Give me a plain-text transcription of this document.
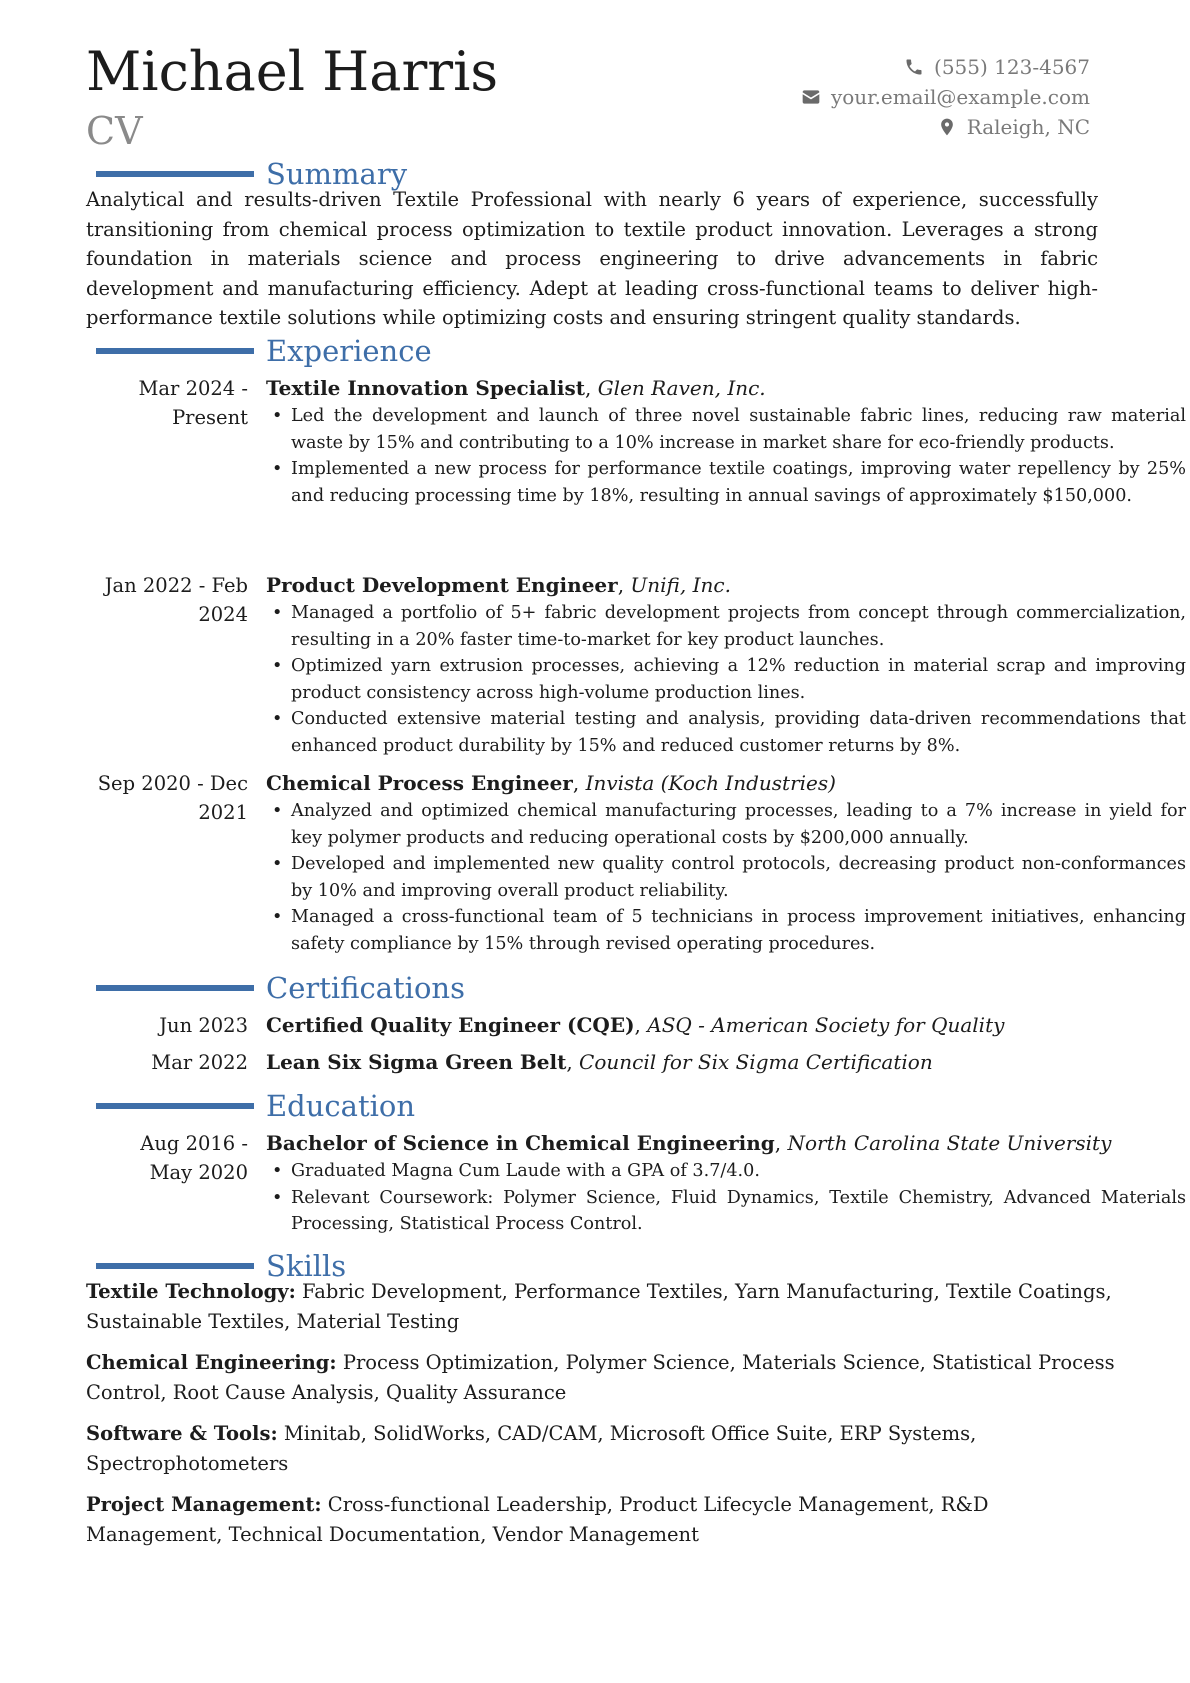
Michael Harris
CV
(555) 123-4567
your.email@example.com
Raleigh, NC
Summary
Analytical and results-driven Textile Professional with nearly 6 years of experience, successfully transitioning from chemical process optimization to textile product innovation. Leverages a strong foundation in materials science and process engineering to drive advancements in fabric development and manufacturing efficiency. Adept at leading cross-functional teams to deliver high-performance textile solutions while optimizing costs and ensuring stringent quality standards.
Experience
Mar 2024 -
Present
Textile Innovation Specialist, Glen Raven, Inc.
• Led the development and launch of three novel sustainable fabric lines, reducing raw material waste by 15% and contributing to a 10% increase in market share for eco-friendly products.
• Implemented a new process for performance textile coatings, improving water repellency by 25% and reducing processing time by 18%, resulting in annual savings of approximately $150,000.
Jan 2022 - Feb
2024
Product Development Engineer, Unifi, Inc.
• Managed a portfolio of 5+ fabric development projects from concept through commercialization, resulting in a 20% faster time-to-market for key product launches.
• Optimized yarn extrusion processes, achieving a 12% reduction in material scrap and improving product consistency across high-volume production lines.
• Conducted extensive material testing and analysis, providing data-driven recommendations that enhanced product durability by 15% and reduced customer returns by 8%.
Sep 2020 - Dec
2021
Chemical Process Engineer, Invista (Koch Industries)
• Analyzed and optimized chemical manufacturing processes, leading to a 7% increase in yield for key polymer products and reducing operational costs by $200,000 annually.
• Developed and implemented new quality control protocols, decreasing product non-conformances by 10% and improving overall product reliability.
• Managed a cross-functional team of 5 technicians in process improvement initiatives, enhancing safety compliance by 15% through revised operating procedures.
Certifications
Jun 2023 Certified Quality Engineer (CQE), ASQ - American Society for Quality
Mar 2022 Lean Six Sigma Green Belt, Council for Six Sigma Certification
Education
Aug 2016 -
May 2020
Bachelor of Science in Chemical Engineering, North Carolina State University
• Graduated Magna Cum Laude with a GPA of 3.7/4.0.
• Relevant Coursework: Polymer Science, Fluid Dynamics, Textile Chemistry, Advanced Materials Processing, Statistical Process Control.
Skills
Textile Technology: Fabric Development, Performance Textiles, Yarn Manufacturing, Textile Coatings, Sustainable Textiles, Material Testing
Chemical Engineering: Process Optimization, Polymer Science, Materials Science, Statistical Process Control, Root Cause Analysis, Quality Assurance
Software & Tools: Minitab, SolidWorks, CAD/CAM, Microsoft Office Suite, ERP Systems, Spectrophotometers
Project Management: Cross-functional Leadership, Product Lifecycle Management, R&D Management, Technical Documentation, Vendor Management
